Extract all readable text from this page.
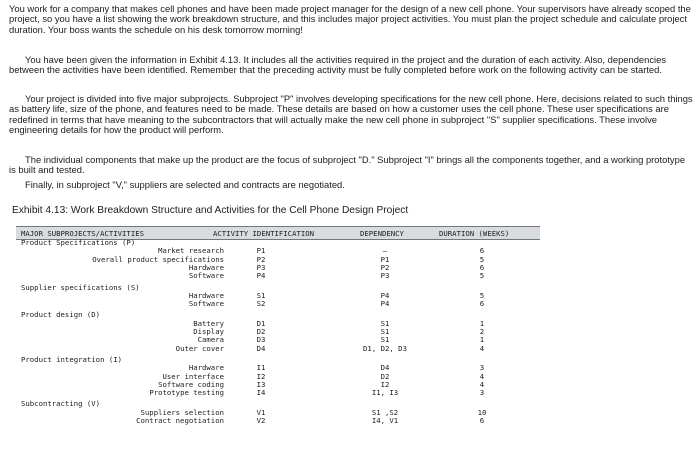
You work for a company that makes cell phones and have been made project manager for the design of a new cell phone. Your supervisors have already scoped the project, so you have a list showing the work breakdown structure, and this includes major project activities. You must plan the project schedule and calculate project duration. Your boss wants the schedule on his desk tomorrow morning!

You have been given the information in Exhibit 4.13. It includes all the activities required in the project and the duration of each activity. Also, dependencies between the activities have been identified. Remember that the preceding activity must be fully completed before work on the following activity can be started.

Your project is divided into five major subprojects. Subproject "P" involves developing specifications for the new cell phone. Here, decisions related to such things as battery life, size of the phone, and features need to be made. These details are based on how a customer uses the cell phone. These user specifications are redefined in terms that have meaning to the subcontractors that will actually make the new cell phone in subproject "S" supplier specifications. These involve engineering details for how the product will perform.

The individual components that make up the product are the focus of subproject "D." Subproject "I" brings all the components together, and a working prototype is built and tested.

Finally, in subproject "V," suppliers are selected and contracts are negotiated.

Exhibit 4.13: Work Breakdown Structure and Activities for the Cell Phone Design Project

MAJOR SUBPROJECTS/ACTIVITIES	ACTIVITY IDENTIFICATION	DEPENDENCY	DURATION (WEEKS)
Product Specifications (P)
Market research	P1	—	6
Overall product specifications	P2	P1	5
Hardware	P3	P2	6
Software	P4	P3	5
Supplier specifications (S)
Hardware	S1	P4	5
Software	S2	P4	6
Product design (D)
Battery	D1	S1	1
Display	D2	S1	2
Camera	D3	S1	1
Outer cover	D4	D1, D2, D3	4
Product integration (I)
Hardware	I1	D4	3
User interface	I2	D2	4
Software coding	I3	I2	4
Prototype testing	I4	I1, I3	3
Subcontracting (V)
Suppliers selection	V1	S1 ,S2	10
Contract negotiation	V2	I4, V1	6
